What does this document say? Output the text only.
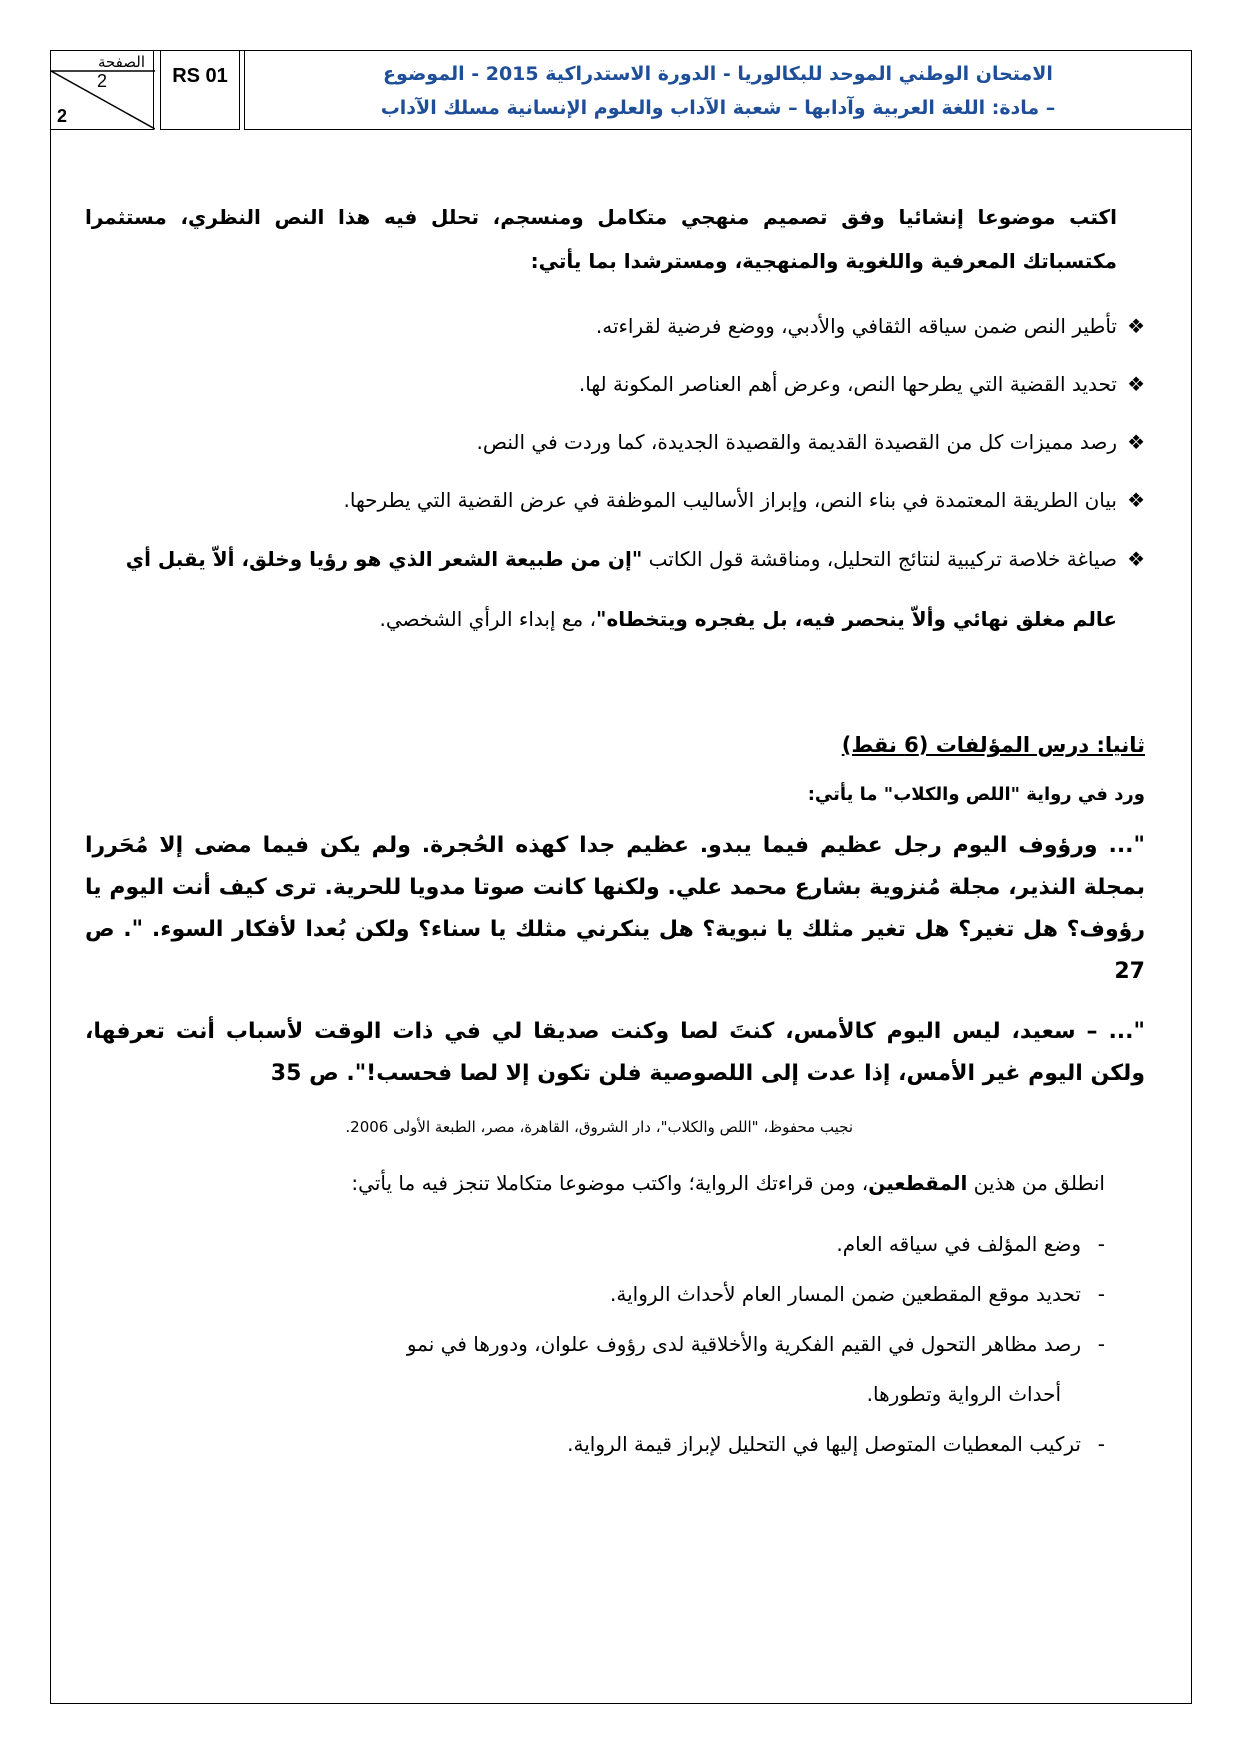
الصفحة
2
2
RS 01	الامتحان الوطني الموحد للبكالوريا - الدورة الاستدراكية 2015 - الموضوع
– مادة: اللغة العربية وآدابها – شعبة الآداب والعلوم الإنسانية مسلك الآداب
اكتب موضوعا إنشائيا وفق تصميم منهجي متكامل ومنسجم، تحلل فيه هذا النص النظري، مستثمرا مكتسباتك المعرفية واللغوية والمنهجية، ومسترشدا بما يأتي:
❖
تأطير النص ضمن سياقه الثقافي والأدبي، ووضع فرضية لقراءته.
❖
تحديد القضية التي يطرحها النص، وعرض أهم العناصر المكونة لها.
❖
رصد مميزات كل من القصيدة القديمة والقصيدة الجديدة، كما وردت في النص.
❖
بيان الطريقة المعتمدة في بناء النص، وإبراز الأساليب الموظفة في عرض القضية التي يطرحها.
❖
صياغة خلاصة تركيبية لنتائج التحليل، ومناقشة قول الكاتب "إن من طبيعة الشعر الذي هو رؤيا وخلق، ألاّ يقبل أي عالم مغلق نهائي وألاّ ينحصر فيه، بل يفجره ويتخطاه"، مع إبداء الرأي الشخصي.
ثانيا: درس المؤلفات (6 نقط)
ورد في رواية "اللص والكلاب" ما يأتي:
"... ورؤوف اليوم رجل عظيم فيما يبدو. عظيم جدا كهذه الحُجرة. ولم يكن فيما مضى إلا مُحَررا بمجلة النذير، مجلة مُنزوية بشارع محمد علي. ولكنها كانت صوتا مدويا للحرية. ترى كيف أنت اليوم يا رؤوف؟ هل تغير؟ هل تغير مثلك يا نبوية؟ هل ينكرني مثلك يا سناء؟ ولكن بُعدا لأفكار السوء. ". ص 27
"... – سعيد، ليس اليوم كالأمس، كنتَ لصا وكنت صديقا لي في ذات الوقت لأسباب أنت تعرفها، ولكن اليوم غير الأمس، إذا عدت إلى اللصوصية فلن تكون إلا لصا فحسب!". ص 35
نجيب محفوظ، "اللص والكلاب"، دار الشروق، القاهرة، مصر، الطبعة الأولى 2006.
انطلق من هذين المقطعين، ومن قراءتك الرواية؛ واكتب موضوعا متكاملا تنجز فيه ما يأتي:
-
وضع المؤلف في سياقه العام.
-
تحديد موقع المقطعين ضمن المسار العام لأحداث الرواية.
-
رصد مظاهر التحول في القيم الفكرية والأخلاقية لدى رؤوف علوان، ودورها في نمو
أحداث الرواية وتطورها.
-
تركيب المعطيات المتوصل إليها في التحليل لإبراز قيمة الرواية.
